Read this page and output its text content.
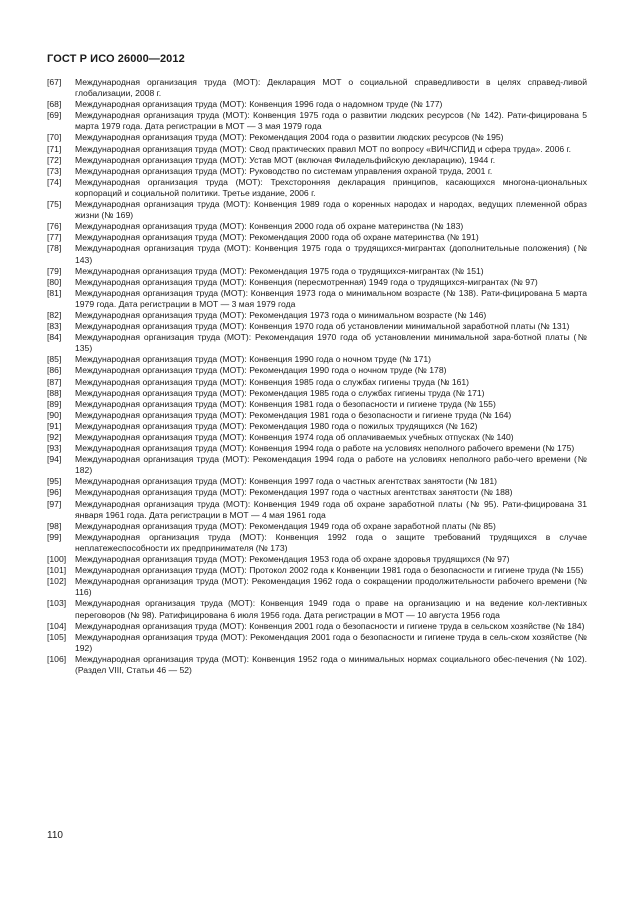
ГОСТ Р ИСО 26000—2012
[67]	Международная организация труда (МОТ): Декларация МОТ о социальной справедливости в целях справед-ливой глобализации, 2008 г.
[68]	Международная организация труда (МОТ): Конвенция 1996 года о надомном труде (№ 177)
[69]	Международная организация труда (МОТ): Конвенция 1975 года о развитии людских ресурсов (№ 142). Рати-фицирована 5 марта 1979 года. Дата регистрации в МОТ — 3 мая 1979 года
[70]	Международная организация труда (МОТ): Рекомендация 2004 года о развитии людских ресурсов (№ 195)
[71]	Международная организация труда (МОТ): Свод практических правил МОТ по вопросу «ВИЧ/СПИД и сфера труда». 2006 г.
[72]	Международная организация труда (МОТ): Устав МОТ (включая Филадельфийскую декларацию), 1944 г.
[73]	Международная организация труда (МОТ): Руководство по системам управления охраной труда, 2001 г.
[74]	Международная организация труда (МОТ): Трехсторонняя декларация принципов, касающихся многона-циональных корпораций и социальной политики. Третье издание, 2006 г.
[75]	Международная организация труда (МОТ): Конвенция 1989 года о коренных народах и народах, ведущих племенной образ жизни (№ 169)
[76]	Международная организация труда (МОТ): Конвенция 2000 года об охране материнства (№ 183)
[77]	Международная организация труда (МОТ): Рекомендация 2000 года об охране материнства (№ 191)
[78]	Международная организация труда (МОТ): Конвенция 1975 года о трудящихся-мигрантах (дополнительные положения) (№ 143)
[79]	Международная организация труда (МОТ): Рекомендация 1975 года о трудящихся-мигрантах (№ 151)
[80]	Международная организация труда (МОТ): Конвенция (пересмотренная) 1949 года о трудящихся-мигрантах (№ 97)
[81]	Международная организация труда (МОТ): Конвенция 1973 года о минимальном возрасте (№ 138). Рати-фицирована 5 марта 1979 года. Дата регистрации в МОТ — 3 мая 1979 года
[82]	Международная организация труда (МОТ): Рекомендация 1973 года о минимальном возрасте (№ 146)
[83]	Международная организация труда (МОТ): Конвенция 1970 года об установлении минимальной заработной платы (№ 131)
[84]	Международная организация труда (МОТ): Рекомендация 1970 года об установлении минимальной зара-ботной платы (№ 135)
[85]	Международная организация труда (МОТ): Конвенция 1990 года о ночном труде (№ 171)
[86]	Международная организация труда (МОТ): Рекомендация 1990 года о ночном труде (№ 178)
[87]	Международная организация труда (МОТ): Конвенция 1985 года о службах гигиены труда (№ 161)
[88]	Международная организация труда (МОТ): Рекомендация 1985 года о службах гигиены труда (№ 171)
[89]	Международная организация труда (МОТ): Конвенция 1981 года о безопасности и гигиене труда (№ 155)
[90]	Международная организация труда (МОТ): Рекомендация 1981 года о безопасности и гигиене труда (№ 164)
[91]	Международная организация труда (МОТ): Рекомендация 1980 года о пожилых трудящихся (№ 162)
[92]	Международная организация труда (МОТ): Конвенция 1974 года об оплачиваемых учебных отпусках (№ 140)
[93]	Международная организация труда (МОТ): Конвенция 1994 года о работе на условиях неполного рабочего времени (№ 175)
[94]	Международная организация труда (МОТ): Рекомендация 1994 года о работе на условиях неполного рабо-чего времени (№ 182)
[95]	Международная организация труда (МОТ): Конвенция 1997 года о частных агентствах занятости (№ 181)
[96]	Международная организация труда (МОТ): Рекомендация 1997 года о частных агентствах занятости (№ 188)
[97]	Международная организация труда (МОТ): Конвенция 1949 года об охране заработной платы (№ 95). Рати-фицирована 31 января 1961 года. Дата регистрации в МОТ — 4 мая 1961 года
[98]	Международная организация труда (МОТ): Рекомендация 1949 года об охране заработной платы (№ 85)
[99]	Международная организация труда (МОТ): Конвенция 1992 года о защите требований трудящихся в случае неплатежеспособности их предпринимателя (№ 173)
[100]	Международная организация труда (МОТ): Рекомендация 1953 года об охране здоровья трудящихся (№ 97)
[101]	Международная организация труда (МОТ): Протокол 2002 года к Конвенции 1981 года о безопасности и гигиене труда (№ 155)
[102]	Международная организация труда (МОТ): Рекомендация 1962 года о сокращении продолжительности рабочего времени (№ 116)
[103]	Международная организация труда (МОТ): Конвенция 1949 года о праве на организацию и на ведение кол-лективных переговоров (№ 98). Ратифицирована 6 июля 1956 года. Дата регистрации в МОТ — 10 августа 1956 года
[104]	Международная организация труда (МОТ): Конвенция 2001 года о безопасности и гигиене труда в сельском хозяйстве (№ 184)
[105]	Международная организация труда (МОТ): Рекомендация 2001 года о безопасности и гигиене труда в сель-ском хозяйстве (№ 192)
[106]	Международная организация труда (МОТ): Конвенция 1952 года о минимальных нормах социального обес-печения (№ 102). (Раздел VIII, Статьи 46 — 52)
110
